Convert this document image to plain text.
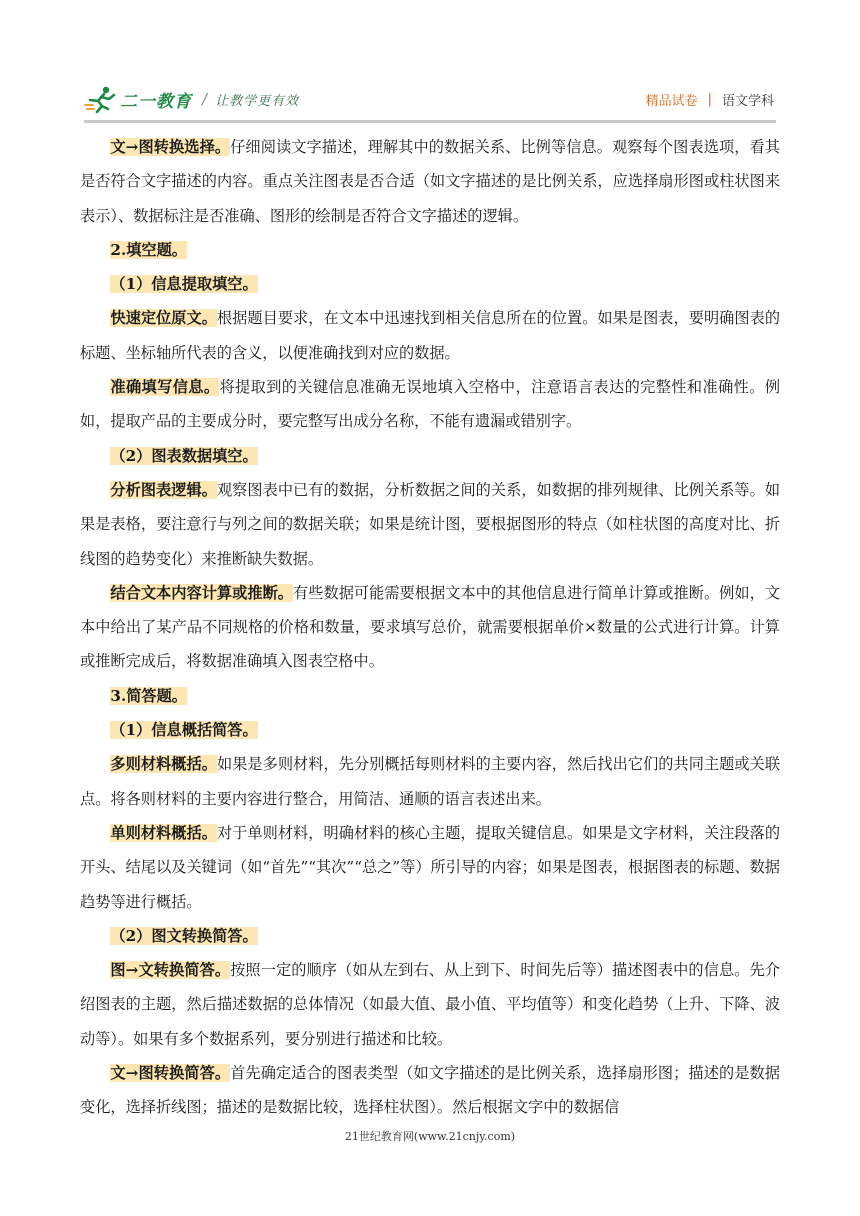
二一教育 / 让教学更有效	精品试卷 | 语文学科

文→图转换选择。仔细阅读文字描述，理解其中的数据关系、比例等信息。观察每个图表选项，看其是否符合文字描述的内容。重点关注图表是否合适（如文字描述的是比例关系，应选择扇形图或柱状图来表示）、数据标注是否准确、图形的绘制是否符合文字描述的逻辑。

2.填空题。

（1）信息提取填空。

快速定位原文。根据题目要求，在文本中迅速找到相关信息所在的位置。如果是图表，要明确图表的标题、坐标轴所代表的含义，以便准确找到对应的数据。

准确填写信息。将提取到的关键信息准确无误地填入空格中，注意语言表达的完整性和准确性。例如，提取产品的主要成分时，要完整写出成分名称，不能有遗漏或错别字。

（2）图表数据填空。

分析图表逻辑。观察图表中已有的数据，分析数据之间的关系，如数据的排列规律、比例关系等。如果是表格，要注意行与列之间的数据关联；如果是统计图，要根据图形的特点（如柱状图的高度对比、折线图的趋势变化）来推断缺失数据。

结合文本内容计算或推断。有些数据可能需要根据文本中的其他信息进行简单计算或推断。例如，文本中给出了某产品不同规格的价格和数量，要求填写总价，就需要根据单价×数量的公式进行计算。计算或推断完成后，将数据准确填入图表空格中。

3.简答题。

（1）信息概括简答。

多则材料概括。如果是多则材料，先分别概括每则材料的主要内容，然后找出它们的共同主题或关联点。将各则材料的主要内容进行整合，用简洁、通顺的语言表述出来。

单则材料概括。对于单则材料，明确材料的核心主题，提取关键信息。如果是文字材料，关注段落的开头、结尾以及关键词（如“首先”“其次”“总之”等）所引导的内容；如果是图表，根据图表的标题、数据趋势等进行概括。

（2）图文转换简答。

图→文转换简答。按照一定的顺序（如从左到右、从上到下、时间先后等）描述图表中的信息。先介绍图表的主题，然后描述数据的总体情况（如最大值、最小值、平均值等）和变化趋势（上升、下降、波动等）。如果有多个数据系列，要分别进行描述和比较。

文→图转换简答。首先确定适合的图表类型（如文字描述的是比例关系，选择扇形图；描述的是数据变化，选择折线图；描述的是数据比较，选择柱状图）。然后根据文字中的数据信

21世纪教育网(www.21cnjy.com)
